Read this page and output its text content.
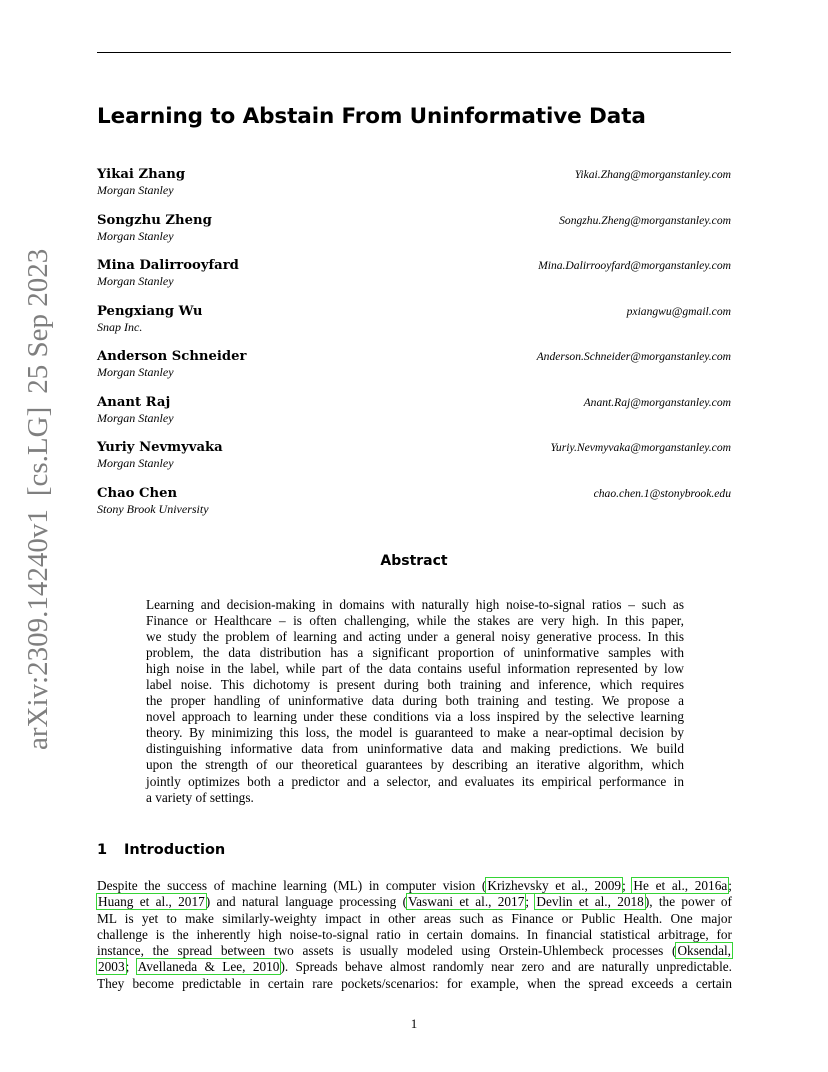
arXiv:2309.14240v1[cs.LG]25 Sep 2023
Learning to Abstain From Uninformative Data
Yikai Zhang
Morgan Stanley
Yikai.Zhang@morganstanley.com
Songzhu Zheng
Morgan Stanley
Songzhu.Zheng@morganstanley.com
Mina Dalirrooyfard
Morgan Stanley
Mina.Dalirrooyfard@morganstanley.com
Pengxiang Wu
Snap Inc.
pxiangwu@gmail.com
Anderson Schneider
Morgan Stanley
Anderson.Schneider@morganstanley.com
Anant Raj
Morgan Stanley
Anant.Raj@morganstanley.com
Yuriy Nevmyvaka
Morgan Stanley
Yuriy.Nevmyvaka@morganstanley.com
Chao Chen
Stony Brook University
chao.chen.1@stonybrook.edu
Abstract
Learning and decision-making in domains with naturally high noise-to-signal ratios – such as
Finance or Healthcare – is often challenging, while the stakes are very high. In this paper,
we study the problem of learning and acting under a general noisy generative process. In this
problem, the data distribution has a significant proportion of uninformative samples with
high noise in the label, while part of the data contains useful information represented by low
label noise. This dichotomy is present during both training and inference, which requires
the proper handling of uninformative data during both training and testing. We propose a
novel approach to learning under these conditions via a loss inspired by the selective learning
theory. By minimizing this loss, the model is guaranteed to make a near-optimal decision by
distinguishing informative data from uninformative data and making predictions. We build
upon the strength of our theoretical guarantees by describing an iterative algorithm, which
jointly optimizes both a predictor and a selector, and evaluates its empirical performance in
a variety of settings.
1 Introduction
Despite the success of machine learning (ML) in computer vision (Krizhevsky et al., 2009; He et al., 2016a;
Huang et al., 2017) and natural language processing (Vaswani et al., 2017; Devlin et al., 2018), the power of
ML is yet to make similarly-weighty impact in other areas such as Finance or Public Health. One major
challenge is the inherently high noise-to-signal ratio in certain domains. In financial statistical arbitrage, for
instance, the spread between two assets is usually modeled using Orstein-Uhlembeck processes (Oksendal,
2003; Avellaneda & Lee, 2010). Spreads behave almost randomly near zero and are naturally unpredictable.
They become predictable in certain rare pockets/scenarios: for example, when the spread exceeds a certain
1
